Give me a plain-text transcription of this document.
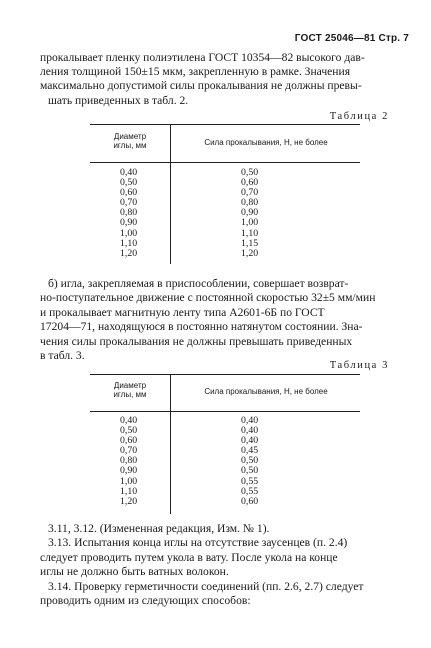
ГОСТ 25046—81 Стр. 7
прокалывает пленку полиэтилена ГОСТ 10354—82 высокого дав-
ления толщиной 150±15 мкм, закрепленную в рамке. Значения
максимально допустимой силы прокалывания не должны превы-
шать приведенных в табл. 2.
Таблица 2
Диаметр
иглы, мм	Сила прокалывания, Н, не более
0,40
0,50
0,60
0,70
0,80
0,90
1,00
1,10
1,20
0,50
0,60
0,70
0,80
0,90
1,00
1,10
1,15
1,20
б) игла, закрепляемая в приспособлении, совершает возврат-
но-поступательное движение с постоянной скоростью 32±5 мм/мин
и прокалывает магнитную ленту типа А2601-6Б по ГОСТ
17204—71, находящуюся в постоянно натянутом состоянии. Зна-
чения силы прокалывания не должны превышать приведенных
в табл. 3.
Таблица 3
Диаметр
иглы, мм	Сила прокалывания, Н, не более
0,40
0,50
0,60
0,70
0,80
0,90
1,00
1,10
1,20
0,40
0,40
0,40
0,45
0,50
0,50
0,55
0,55
0,60
3.11, 3.12. (Измененная редакция, Изм. № 1).
3.13. Испытания конца иглы на отсутствие заусенцев (п. 2.4)
следует проводить путем укола в вату. После укола на конце
иглы не должно быть ватных волокон.
3.14. Проверку герметичности соединений (пп. 2.6, 2.7) следует
проводить одним из следующих способов:
